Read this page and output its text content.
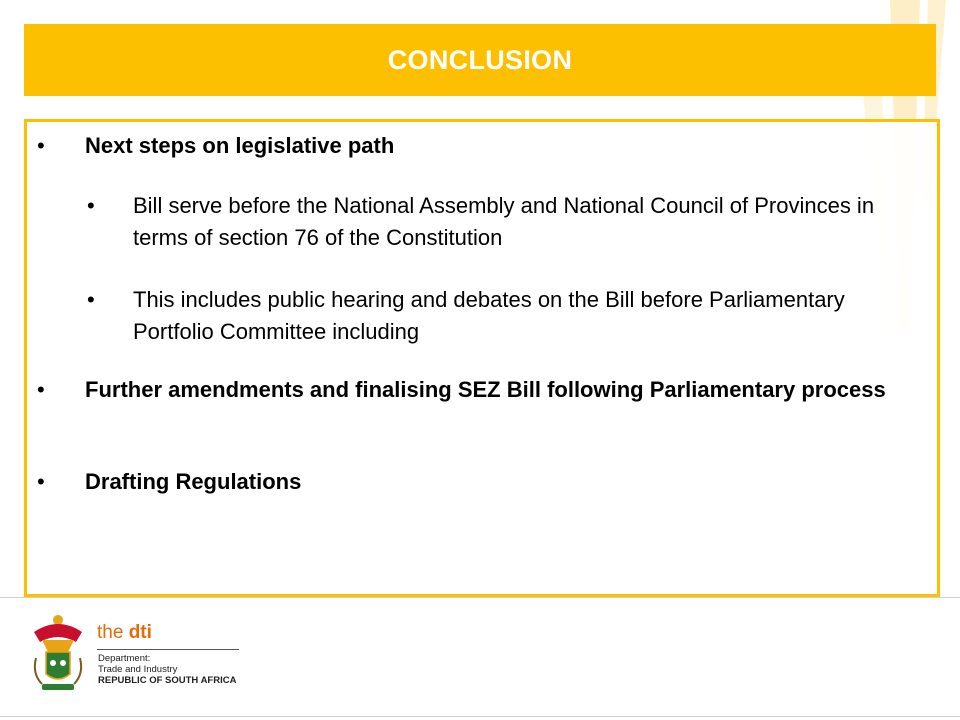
CONCLUSION
• Next steps on legislative path
• Bill serve before the National Assembly and National Council of Provinces in terms of section 76 of the Constitution
• This includes public hearing and debates on the Bill before Parliamentary Portfolio Committee including
• Further amendments and finalising SEZ Bill following Parliamentary process
• Drafting Regulations
the dti
Department:
Trade and Industry
REPUBLIC OF SOUTH AFRICA
